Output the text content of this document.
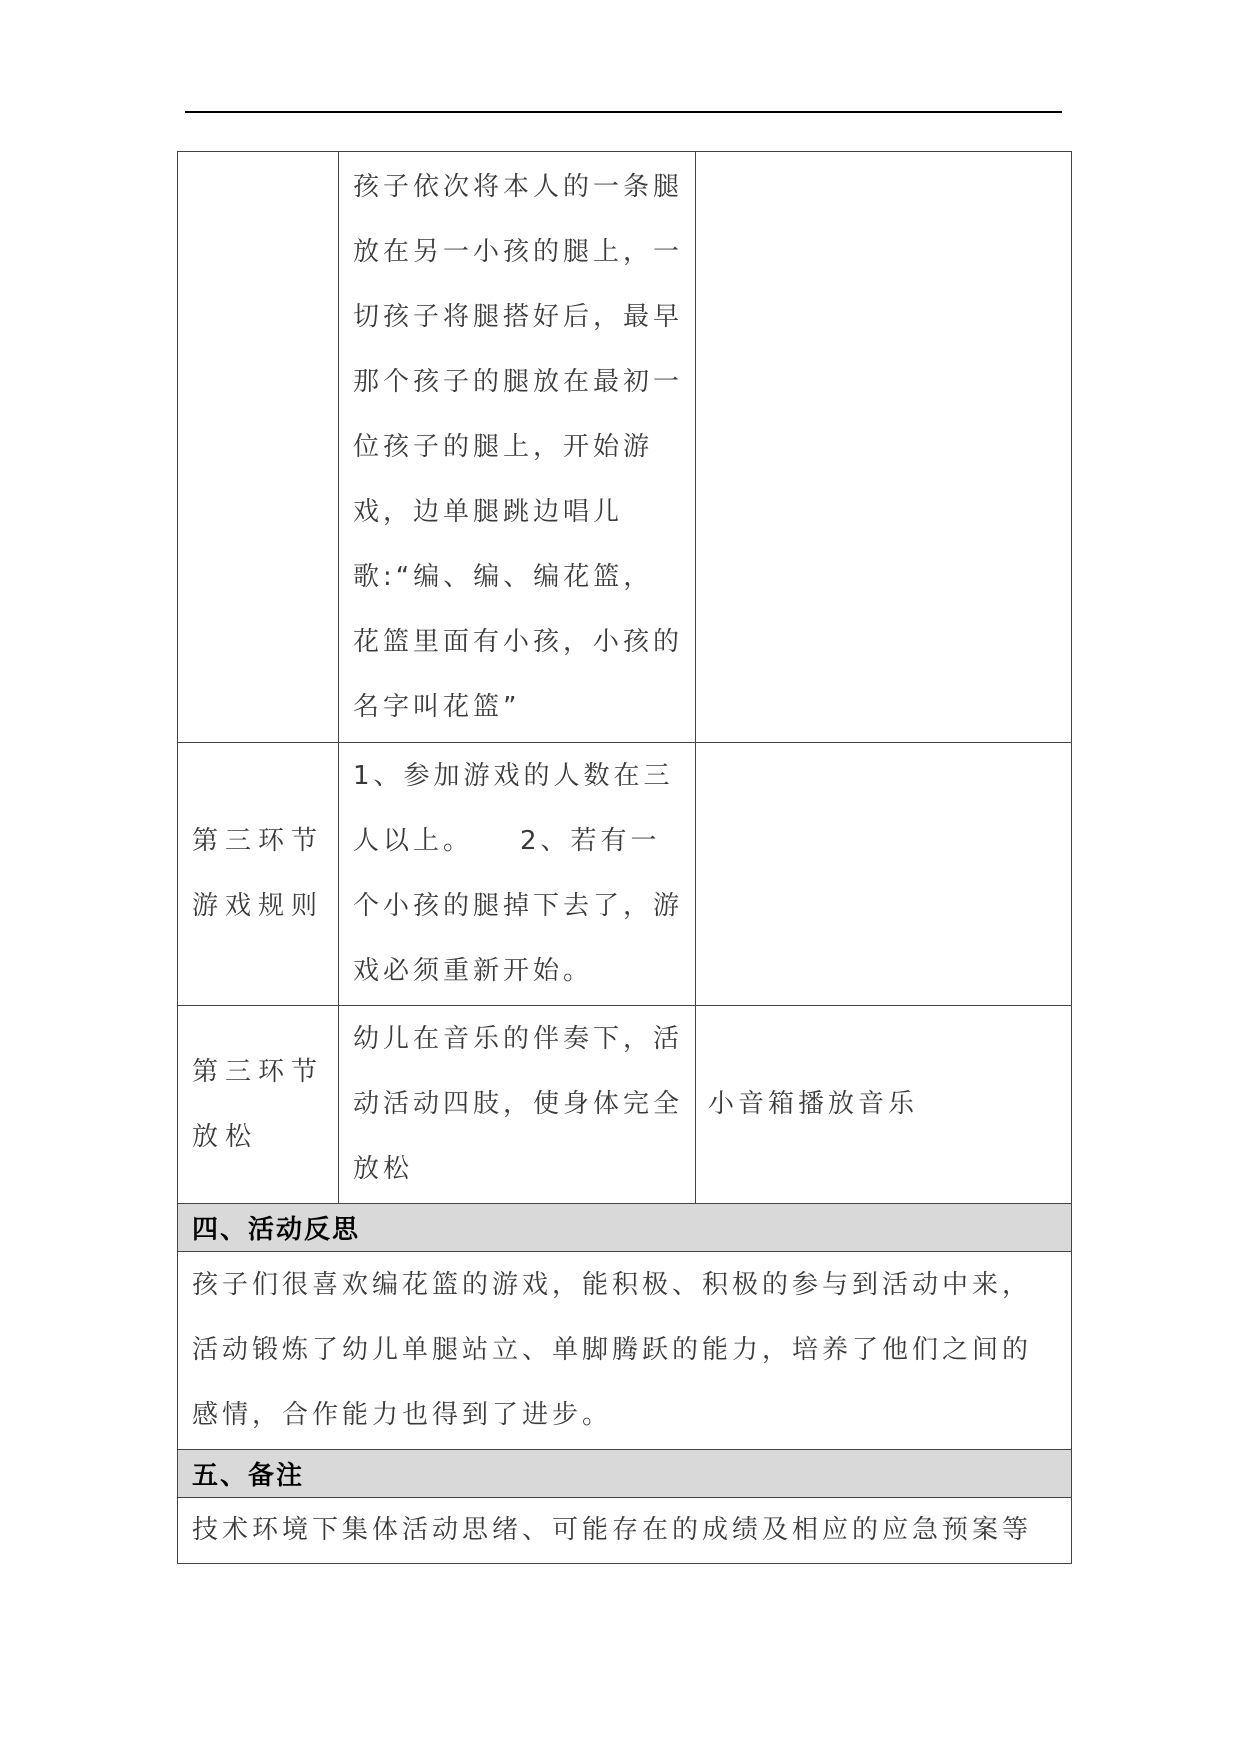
	孩子依次将本人的一条腿放在另一小孩的腿上，一切孩子将腿搭好后，最早那个孩子的腿放在最初一位孩子的腿上，开始游戏，边单腿跳边唱儿歌:“编、编、编花篮，花篮里面有小孩，小孩的名字叫花篮”	

第三环节游戏规则	1、参加游戏的人数在三人以上。　　2、若有一个小孩的腿掉下去了，游戏必须重新开始。	

第三环节放松	幼儿在音乐的伴奏下，活动活动四肢，使身体完全放松	小音箱播放音乐

四、活动反思		
孩子们很喜欢编花篮的游戏，能积极、积极的参与到活动中来，活动锻炼了幼儿单腿站立、单脚腾跃的能力，培养了他们之间的感情，合作能力也得到了进步。		
五、备注		
技术环境下集体活动思绪、可能存在的成绩及相应的应急预案等		
